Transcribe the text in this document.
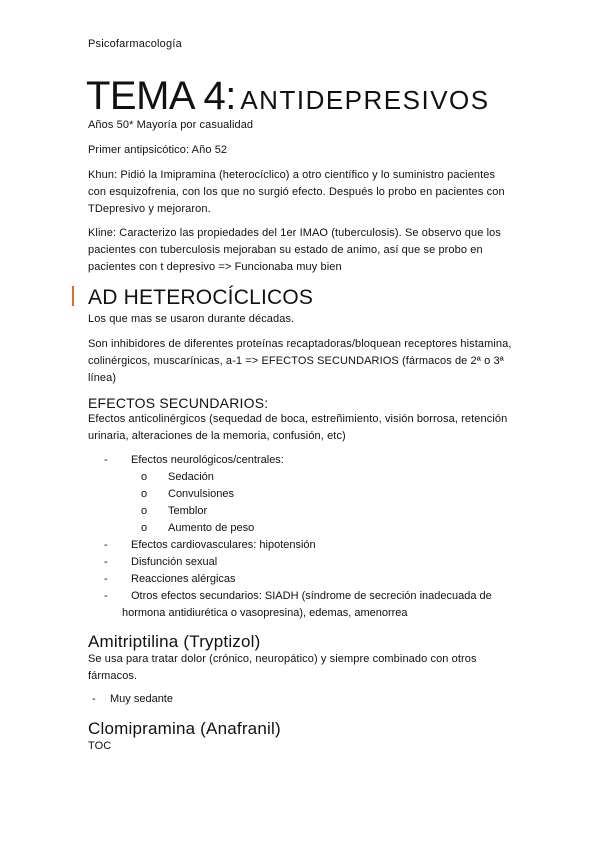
Psicofarmacología
TEMA 4: ANTIDEPRESIVOS
Años 50* Mayoría por casualidad
Primer antipsicótico: Año 52
Khun: Pidió la Imipramina (heterocíclico) a otro científico y lo suministro pacientes con esquizofrenia, con los que no surgió efecto. Después lo probo en pacientes con TDepresivo y mejoraron.
Kline: Caracterizo las propiedades del 1er IMAO (tuberculosis). Se observo que los pacientes con tuberculosis mejoraban su estado de animo, así que se probo en pacientes con t depresivo => Funcionaba muy bien
AD HETEROCÍCLICOS
Los que mas se usaron durante décadas.
Son inhibidores de diferentes proteínas recaptadoras/bloquean receptores histamina, colinérgicos, muscarínicas, a-1 => EFECTOS SECUNDARIOS (fármacos de 2ª o 3ª línea)
EFECTOS SECUNDARIOS:
Efectos anticolinérgicos (sequedad de boca, estreñimiento, visión borrosa, retención urinaria, alteraciones de la memoria, confusión, etc)
- Efectos neurológicos/centrales:
o Sedación
o Convulsiones
o Temblor
o Aumento de peso
- Efectos cardiovasculares: hipotensión
- Disfunción sexual
- Reacciones alérgicas
- Otros efectos secundarios: SIADH (síndrome de secreción inadecuada de
hormona antidiurética o vasopresina), edemas, amenorrea
Amitriptilina (Tryptizol)
Se usa para tratar dolor (crónico, neuropático) y siempre combinado con otros fármacos.
- Muy sedante
Clomipramina (Anafranil)
TOC
